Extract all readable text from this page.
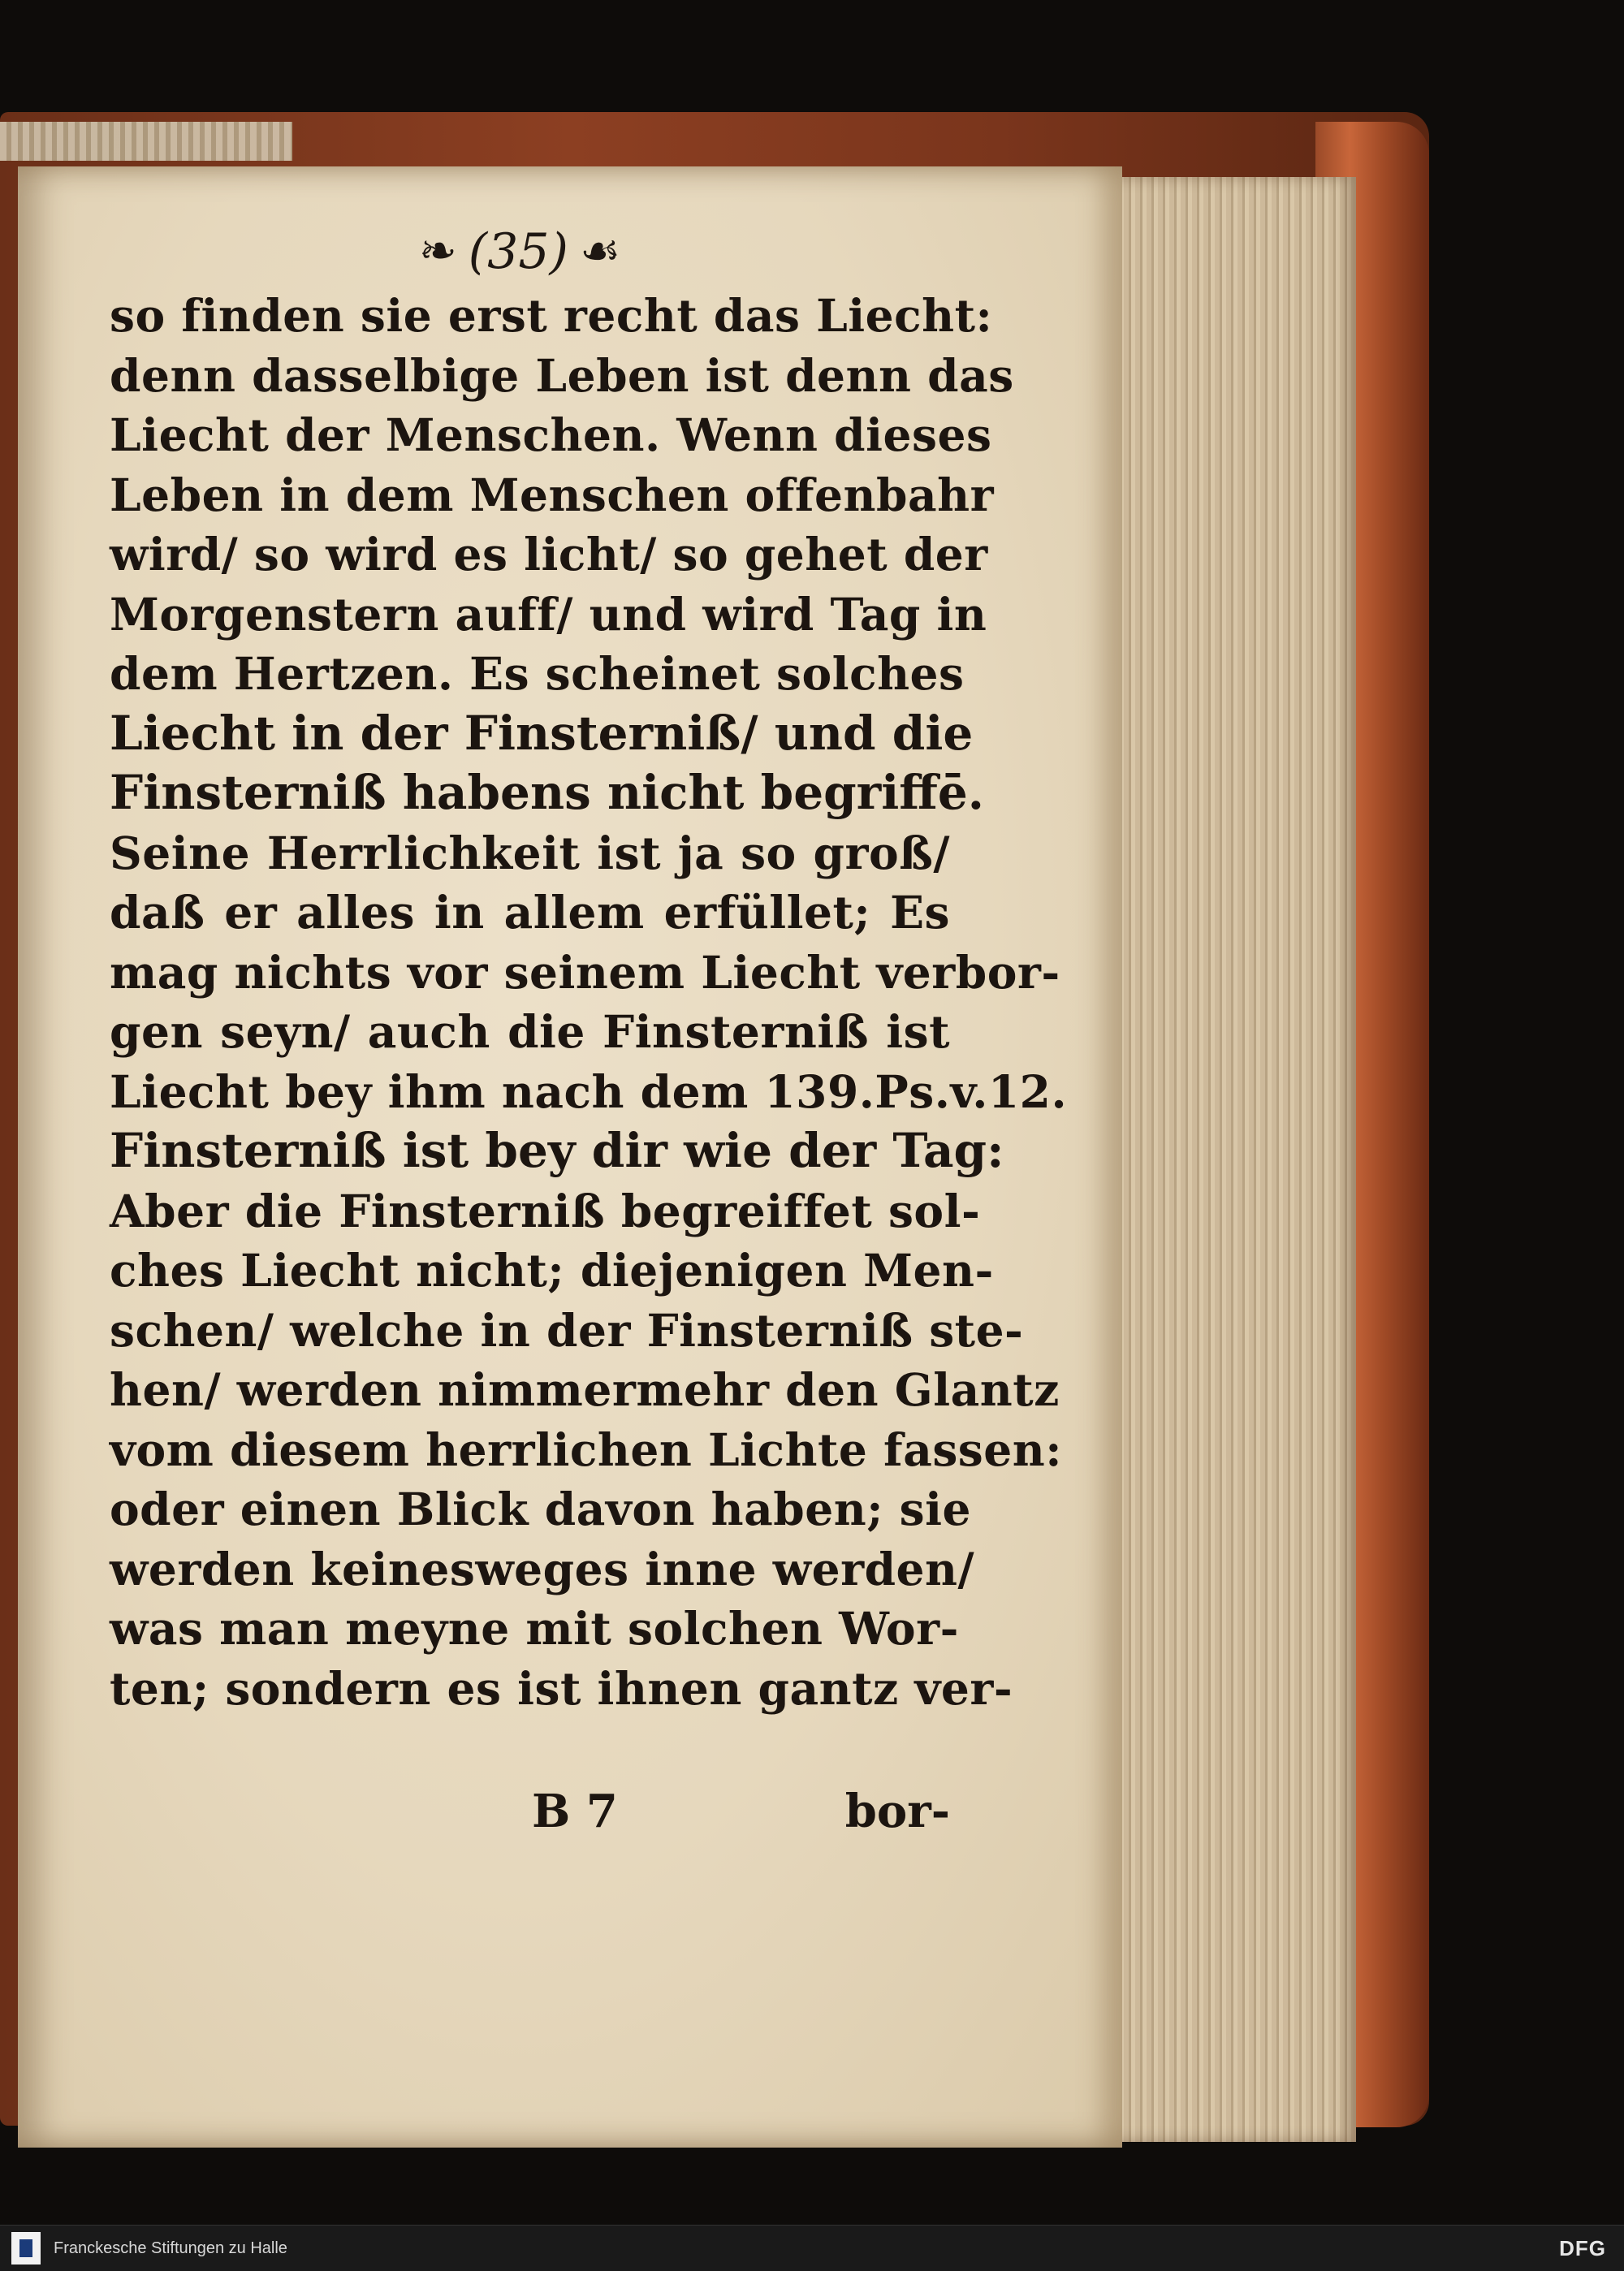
❧ (35) ☙
so finden sie erst recht das Liecht:
denn dasselbige Leben ist denn das
Liecht der Menschen. Wenn dieses
Leben in dem Menschen offenbahr
wird/ so wird es licht/ so gehet der
Morgenstern auff/ und wird Tag in
dem Hertzen. Es scheinet solches
Liecht in der Finsterniß/ und die
Finsterniß habens nicht begriffē.
Seine Herrlichkeit ist ja so groß/
daß er alles in allem erfüllet; Es
mag nichts vor seinem Liecht verbor-
gen seyn/ auch die Finsterniß ist
Liecht bey ihm nach dem 139.Ps.v.12.
Finsterniß ist bey dir wie der Tag:
Aber die Finsterniß begreiffet sol-
ches Liecht nicht; diejenigen Men-
schen/ welche in der Finsterniß ste-
hen/ werden nimmermehr den Glantz
vom diesem herrlichen Lichte fassen:
oder einen Blick davon haben; sie
werden keinesweges inne werden/
was man meyne mit solchen Wor-
ten; sondern es ist ihnen gantz ver-
B 7	bor-
Franckesche Stiftungen zu Halle	DFG
